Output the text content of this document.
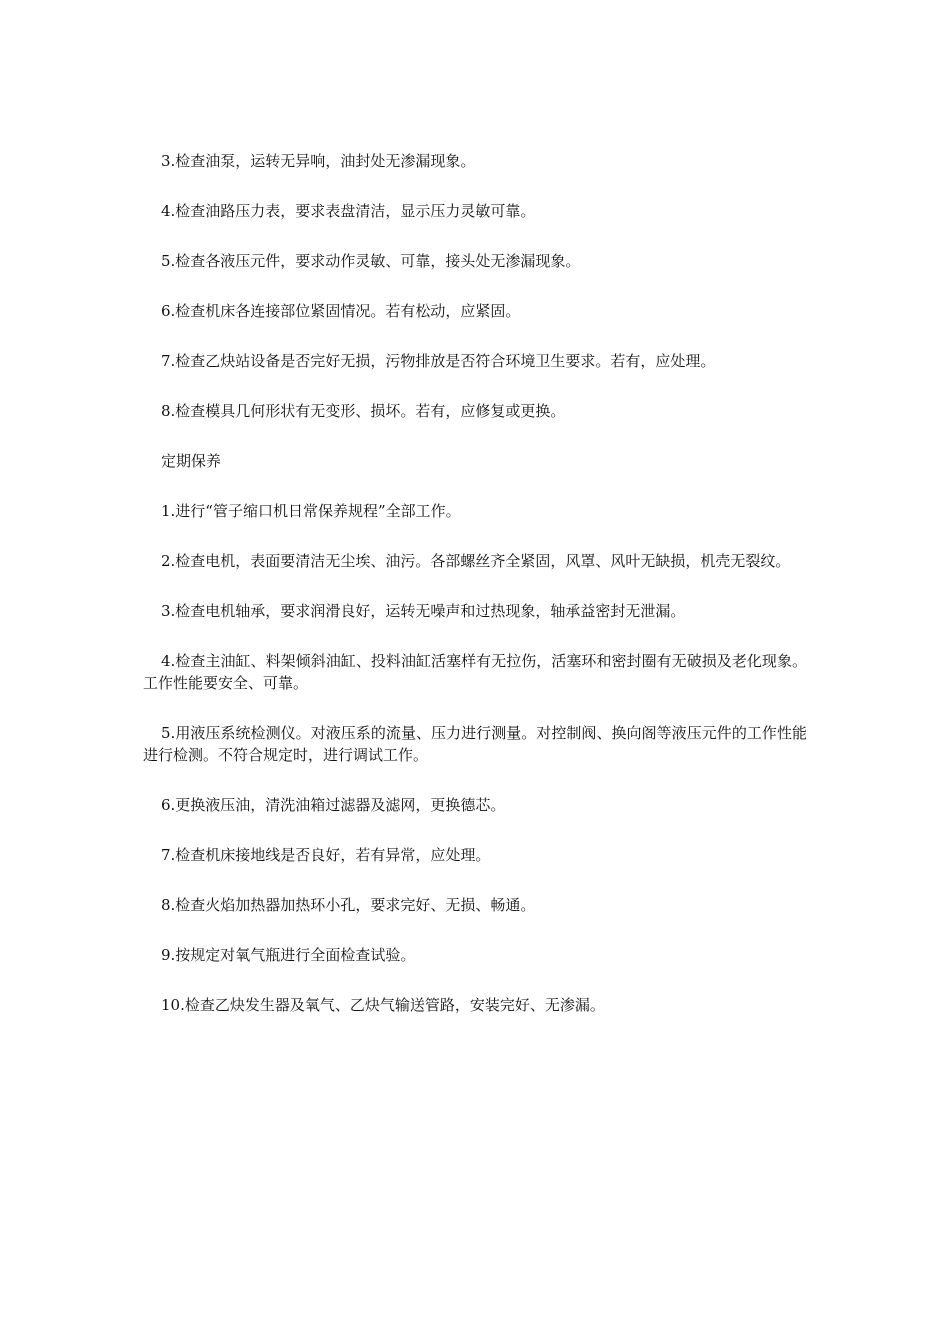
3.检查油泵，运转无异响，油封处无渗漏现象。

4.检查油路压力表，要求表盘清洁，显示压力灵敏可靠。

5.检查各液压元件，要求动作灵敏、可靠，接头处无渗漏现象。

6.检查机床各连接部位紧固情况。若有松动，应紧固。

7.检查乙炔站设备是否完好无损，污物排放是否符合环境卫生要求。若有，应处理。

8.检查模具几何形状有无变形、损坏。若有，应修复或更换。

定期保养

1.进行“管子缩口机日常保养规程”全部工作。

2.检查电机，表面要清洁无尘埃、油污。各部螺丝齐全紧固，风罩、风叶无缺损，机壳无裂纹。

3.检查电机轴承，要求润滑良好，运转无噪声和过热现象，轴承益密封无泄漏。

4.检查主油缸、料架倾斜油缸、投料油缸活塞样有无拉伤，活塞环和密封圈有无破损及老化现象。工作性能要安全、可靠。

5.用液压系统检测仪。对液压系的流量、压力进行测量。对控制阀、换向阁等液压元件的工作性能进行检测。不符合规定时，进行调试工作。

6.更换液压油，清洗油箱过滤器及滤网，更换德芯。

7.检查机床接地线是否良好，若有异常，应处理。

8.检查火焰加热器加热环小孔，要求完好、无损、畅通。

9.按规定对氧气瓶进行全面检查试验。

10.检查乙炔发生器及氧气、乙炔气输送管路，安装完好、无渗漏。
